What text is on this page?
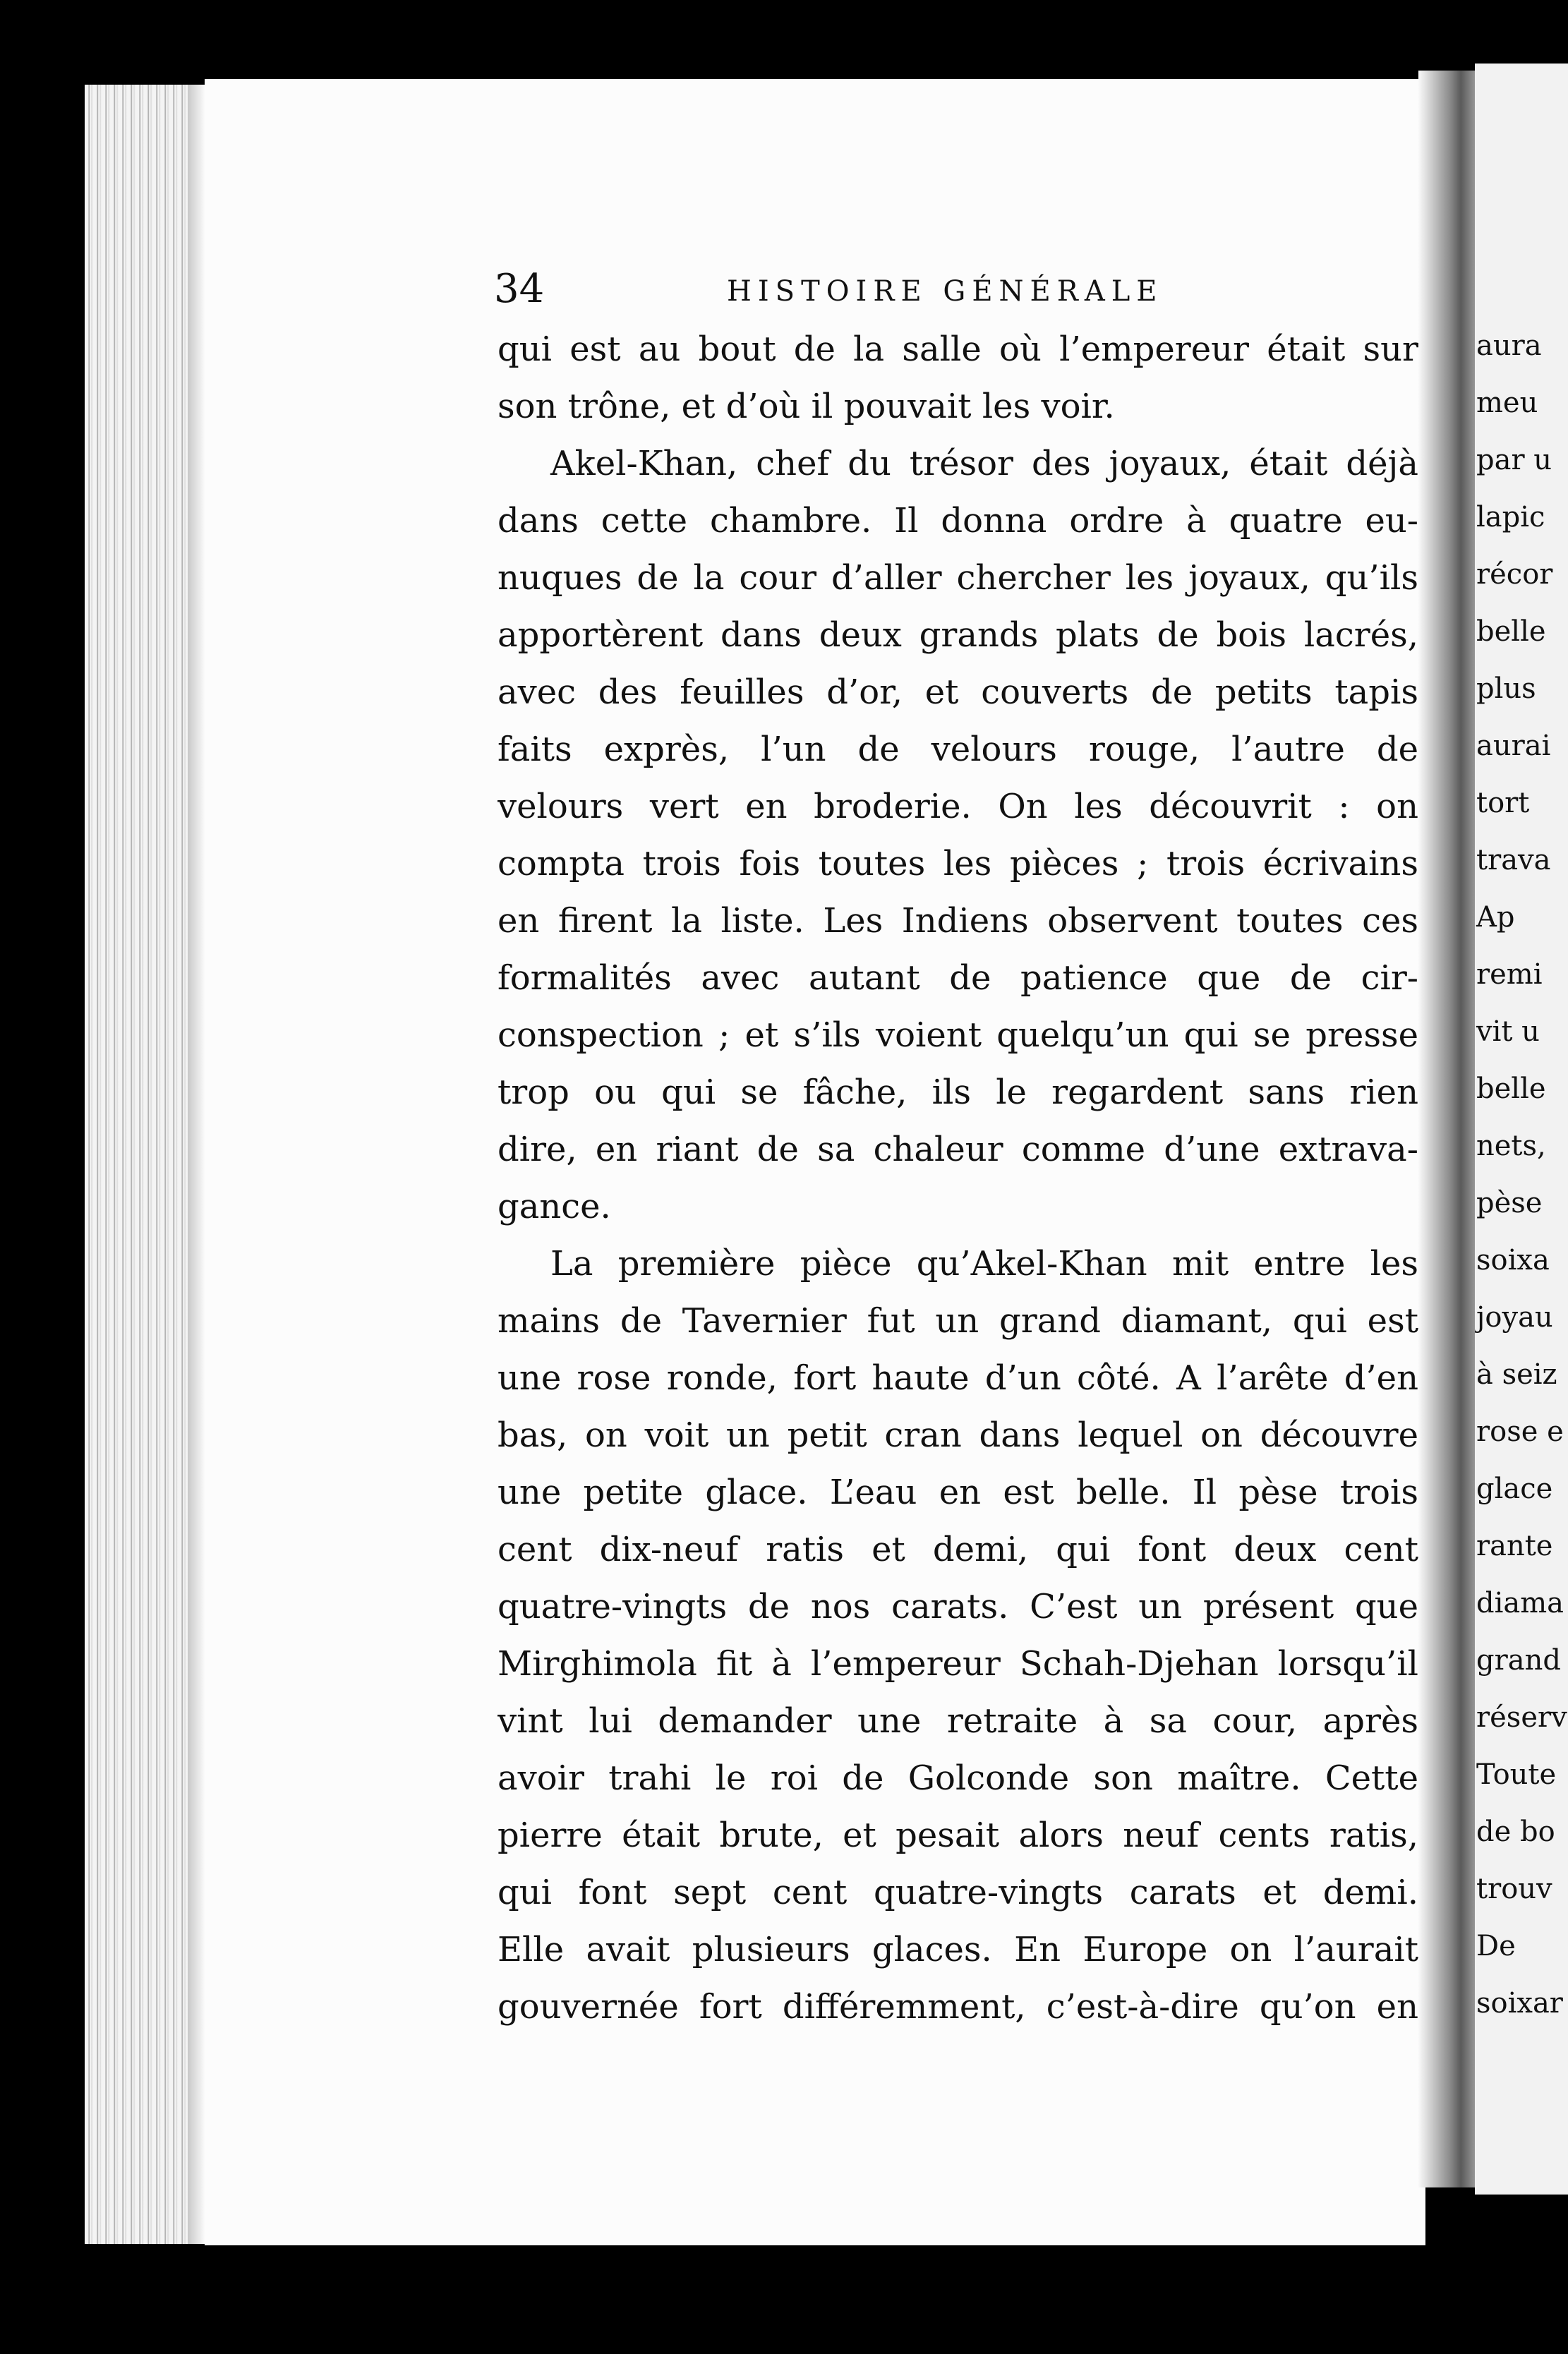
aura
meu
par u
lapic
récor
belle
plus
aurai
tort
trava
Ap
remi
vit u
belle
nets,
pèse
soixa
joyau
à seiz
rose e
glace
rante
diama
grand
réserv
Toute
de bo
trouv
De
soixar
34	HISTOIRE GÉNÉRALE
qui est au bout de la salle où l’empereur était sur
son trône, et d’où il pouvait les voir.
Akel-Khan, chef du trésor des joyaux, était déjà
dans cette chambre. Il donna ordre à quatre eu-
nuques de la cour d’aller chercher les joyaux, qu’ils
apportèrent dans deux grands plats de bois lacrés,
avec des feuilles d’or, et couverts de petits tapis
faits exprès, l’un de velours rouge, l’autre de
velours vert en broderie. On les découvrit : on
compta trois fois toutes les pièces ; trois écrivains
en firent la liste. Les Indiens observent toutes ces
formalités avec autant de patience que de cir-
conspection ; et s’ils voient quelqu’un qui se presse
trop ou qui se fâche, ils le regardent sans rien
dire, en riant de sa chaleur comme d’une extrava-
gance.
La première pièce qu’Akel-Khan mit entre les
mains de Tavernier fut un grand diamant, qui est
une rose ronde, fort haute d’un côté. A l’arête d’en
bas, on voit un petit cran dans lequel on découvre
une petite glace. L’eau en est belle. Il pèse trois
cent dix-neuf ratis et demi, qui font deux cent
quatre-vingts de nos carats. C’est un présent que
Mirghimola fit à l’empereur Schah-Djehan lorsqu’il
vint lui demander une retraite à sa cour, après
avoir trahi le roi de Golconde son maître. Cette
pierre était brute, et pesait alors neuf cents ratis,
qui font sept cent quatre-vingts carats et demi.
Elle avait plusieurs glaces. En Europe on l’aurait
gouvernée fort différemment, c’est-à-dire qu’on en
